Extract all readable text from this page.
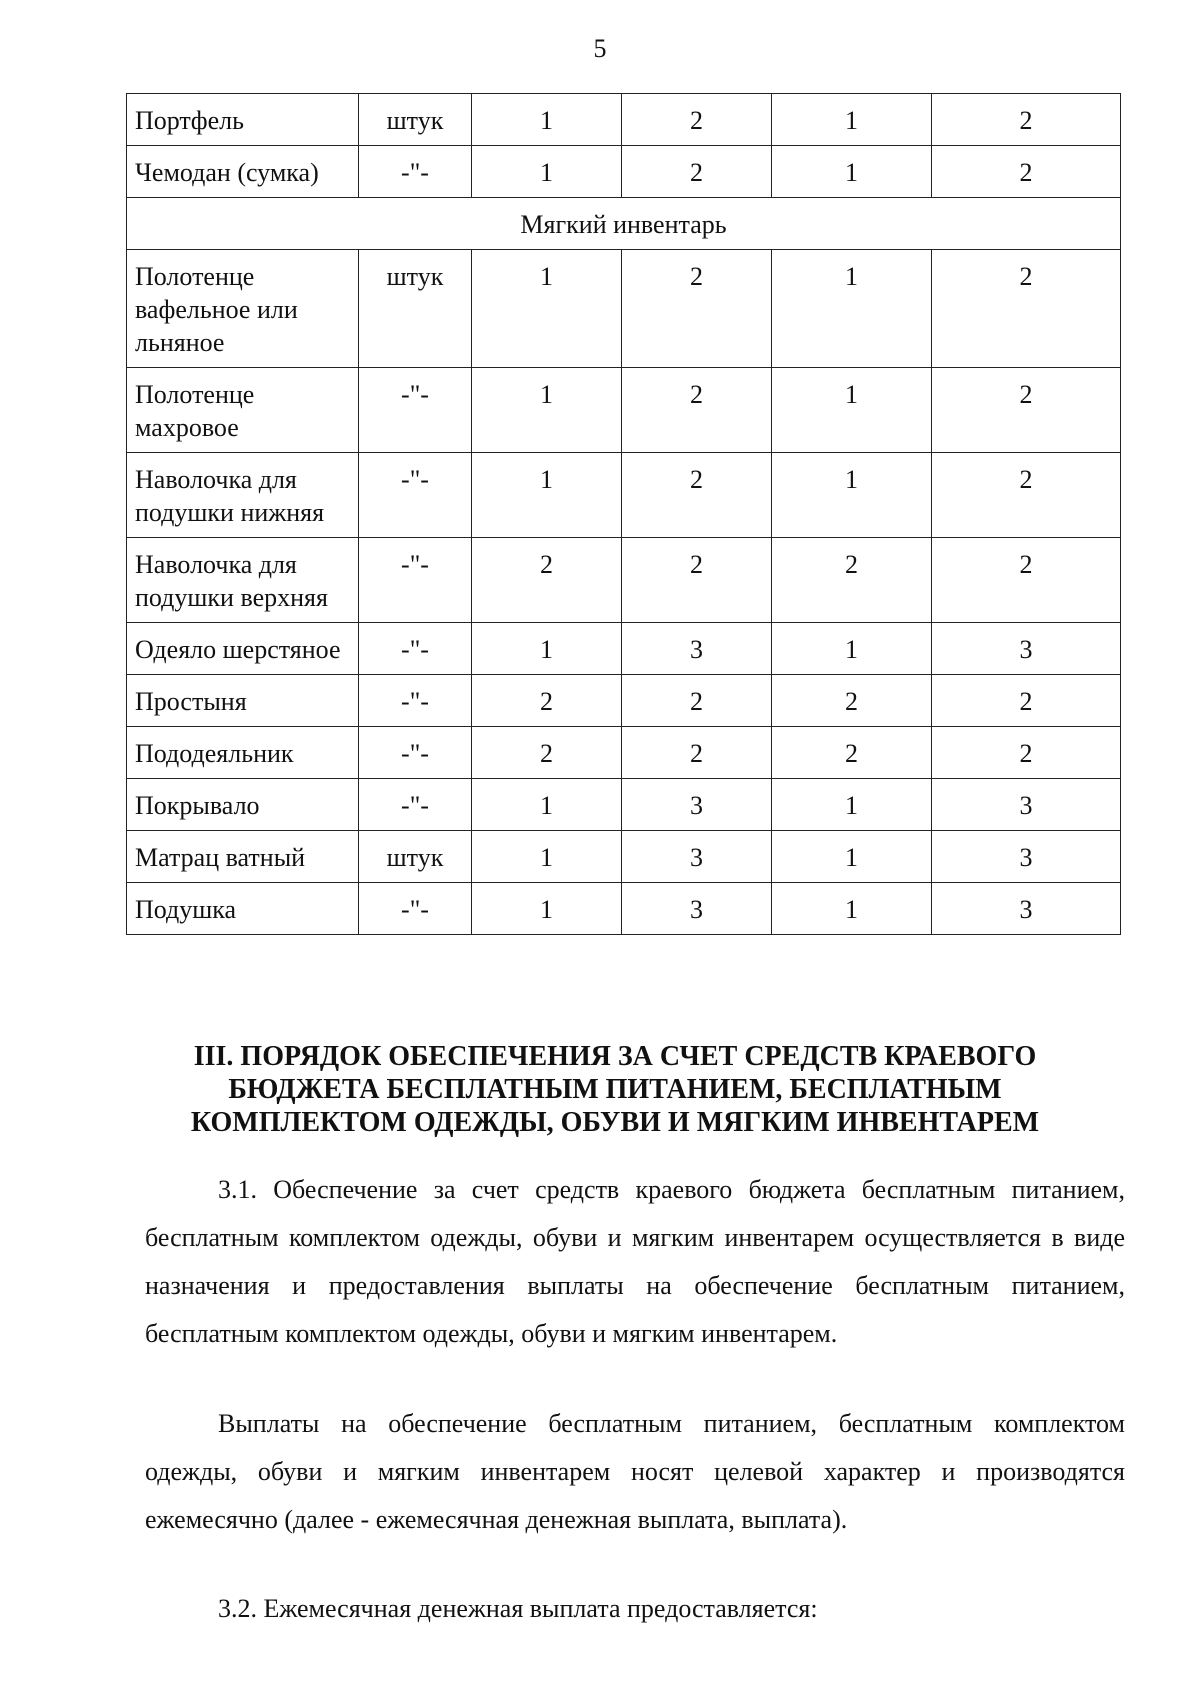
5
Портфель	штук	1	2	1	2
Чемодан (сумка)	-"-	1	2	1	2
Мягкий инвентарь					
Полотенце вафельное или льняное	штук	1	2	1	2
Полотенце махровое	-"-	1	2	1	2
Наволочка для подушки нижняя	-"-	1	2	1	2
Наволочка для подушки верхняя	-"-	2	2	2	2
Одеяло шерстяное	-"-	1	3	1	3
Простыня	-"-	2	2	2	2
Пододеяльник	-"-	2	2	2	2
Покрывало	-"-	1	3	1	3
Матрац ватный	штук	1	3	1	3
Подушка	-"-	1	3	1	3
III. ПОРЯДОК ОБЕСПЕЧЕНИЯ ЗА СЧЕТ СРЕДСТВ КРАЕВОГО БЮДЖЕТА БЕСПЛАТНЫМ ПИТАНИЕМ, БЕСПЛАТНЫМ КОМПЛЕКТОМ ОДЕЖДЫ, ОБУВИ И МЯГКИМ ИНВЕНТАРЕМ

3.1. Обеспечение за счет средств краевого бюджета бесплатным питанием, бесплатным комплектом одежды, обуви и мягким инвентарем осуществляется в виде назначения и предоставления выплаты на обеспечение бесплатным питанием, бесплатным комплектом одежды, обуви и мягким инвентарем.

Выплаты на обеспечение бесплатным питанием, бесплатным комплектом одежды, обуви и мягким инвентарем носят целевой характер и производятся ежемесячно (далее - ежемесячная денежная выплата, выплата).

3.2. Ежемесячная денежная выплата предоставляется:
